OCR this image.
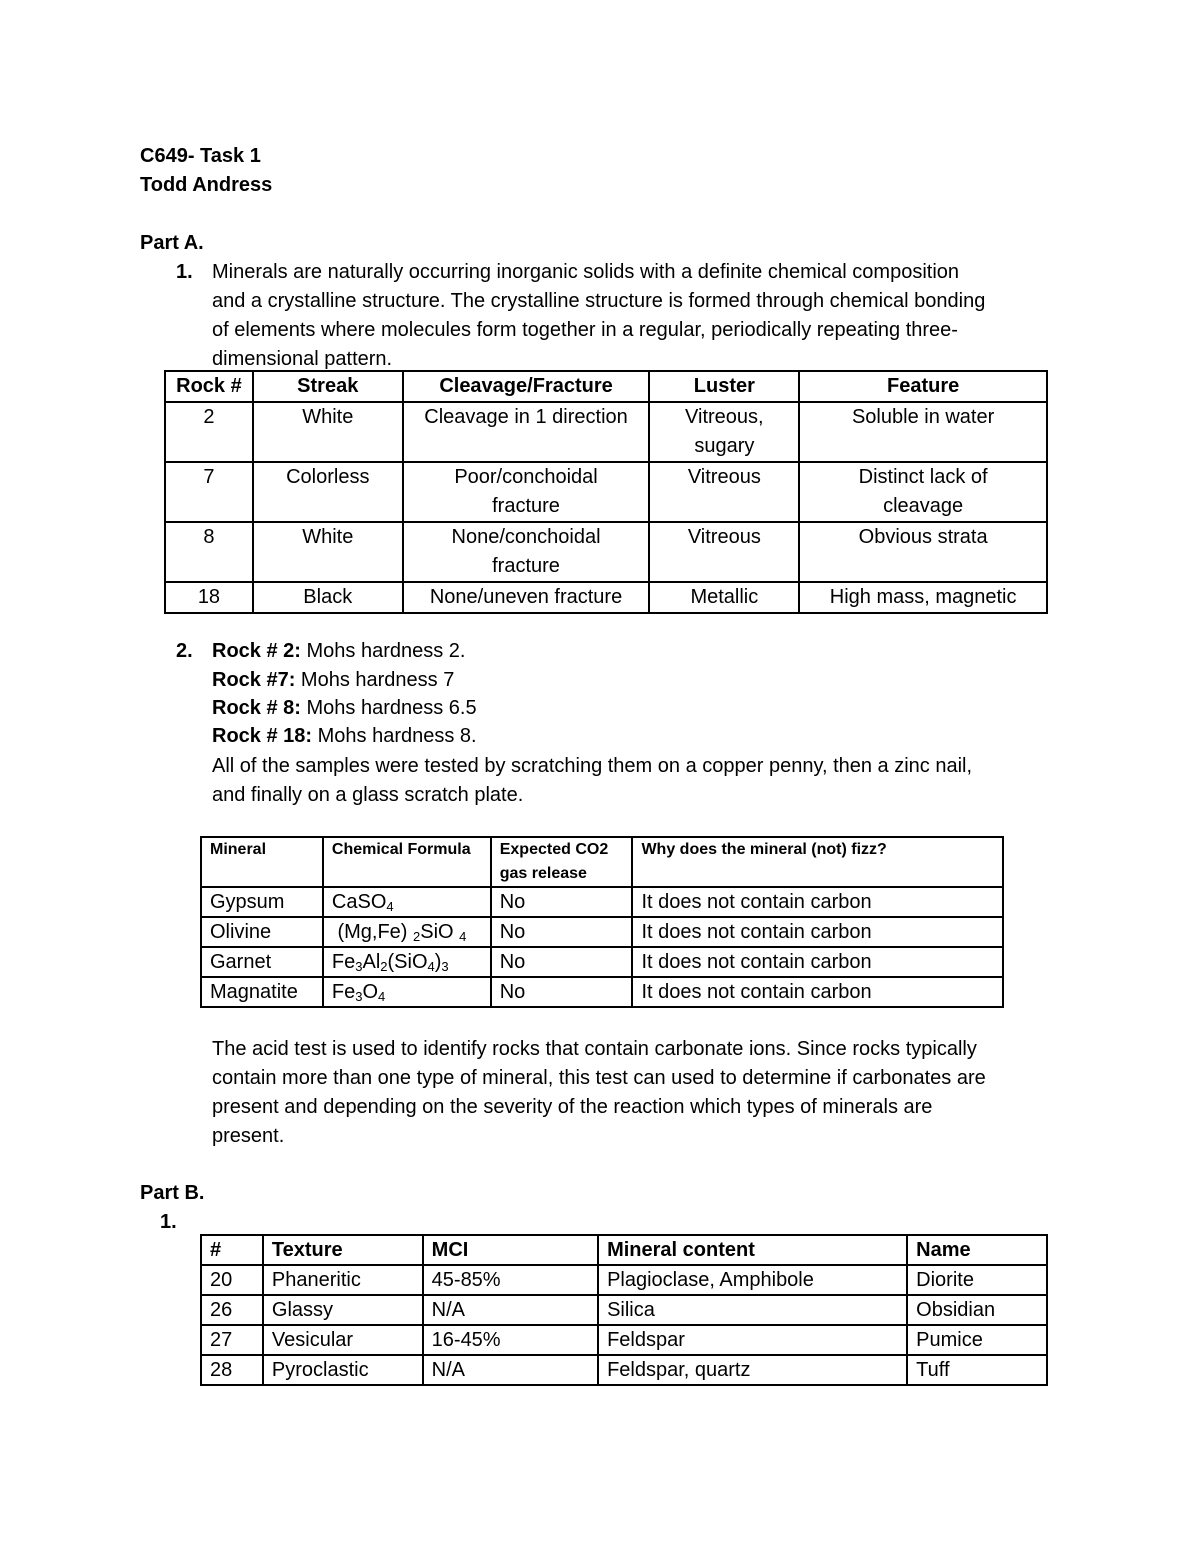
C649- Task 1
Todd Andress
Part A.
1. Minerals are naturally occurring inorganic solids with a definite chemical composition
and a crystalline structure. The crystalline structure is formed through chemical bonding
of elements where molecules form together in a regular, periodically repeating three-
dimensional pattern.
Rock #	Streak	Cleavage/Fracture	Luster	Feature
2	White	Cleavage in 1 direction	Vitreous, sugary	Soluble in water
7	Colorless	Poor/conchoidal fracture	Vitreous	Distinct lack of cleavage
8	White	None/conchoidal fracture	Vitreous	Obvious strata
18	Black	None/uneven fracture	Metallic	High mass, magnetic
2. Rock # 2: Mohs hardness 2.
Rock #7: Mohs hardness 7
Rock # 8: Mohs hardness 6.5
Rock # 18: Mohs hardness 8.
All of the samples were tested by scratching them on a copper penny, then a zinc nail,
and finally on a glass scratch plate.
Mineral	Chemical Formula	Expected CO2 gas release	Why does the mineral (not) fizz?
Gypsum	CaSO$_4$	No	It does not contain carbon
Olivine	(Mg,Fe) $_2$SiO $_4$	No	It does not contain carbon
Garnet	$Fe_3Al_2(SiO_4)_3$	No	It does not contain carbon
Magnatite	$Fe_3O_4$	No	It does not contain carbon
The acid test is used to identify rocks that contain carbonate ions. Since rocks typically
contain more than one type of mineral, this test can used to determine if carbonates are
present and depending on the severity of the reaction which types of minerals are
present.
Part B.
1.
#	Texture	MCI	Mineral content	Name
20	Phaneritic	45-85%	Plagioclase, Amphibole	Diorite
26	Glassy	N/A	Silica	Obsidian
27	Vesicular	16-45%	Feldspar	Pumice
28	Pyroclastic	N/A	Feldspar, quartz	Tuff
